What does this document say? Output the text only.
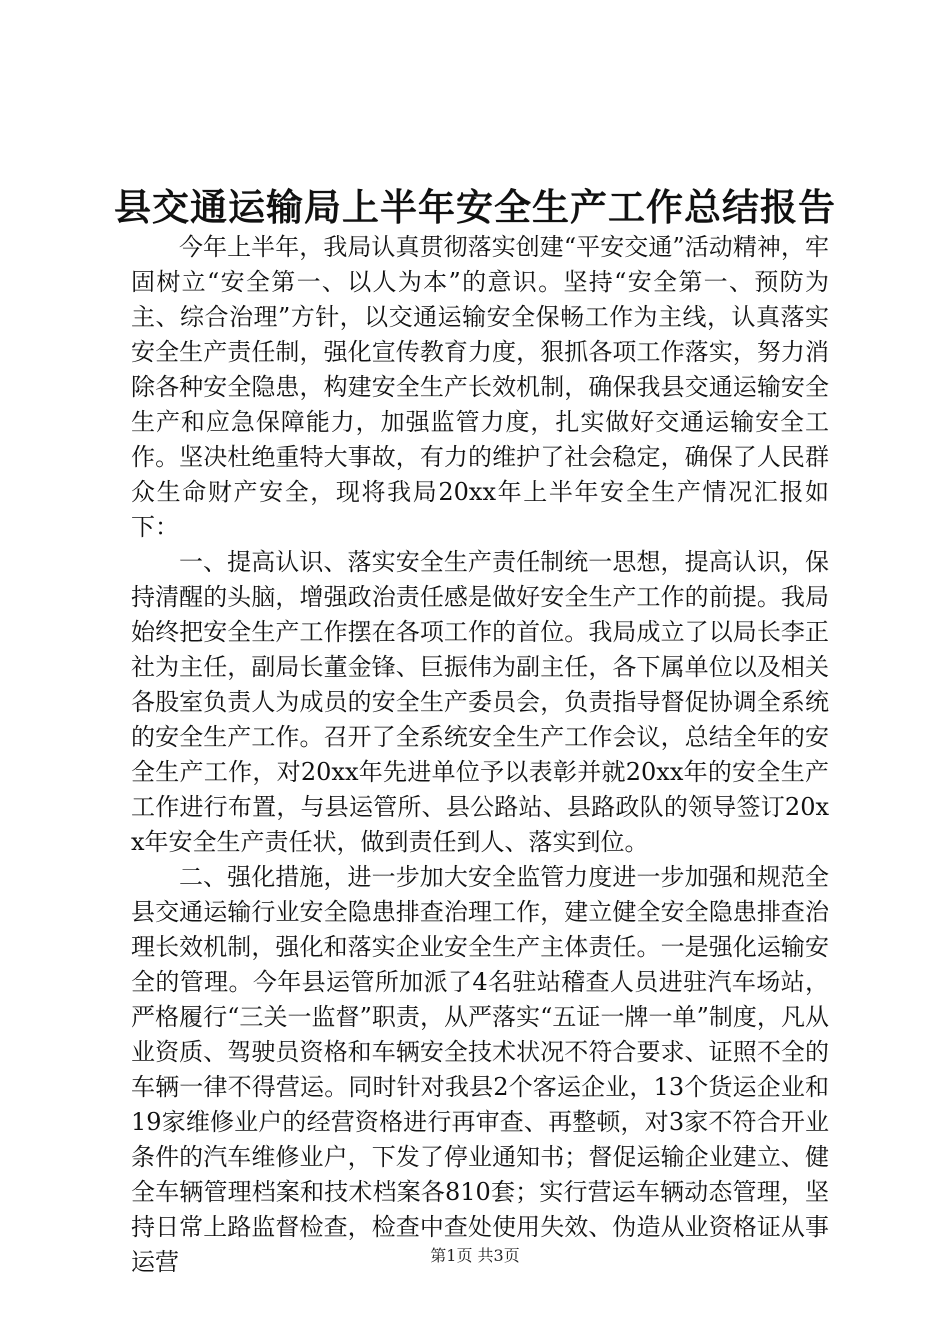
县交通运输局上半年安全生产工作总结报告

今年上半年，我局认真贯彻落实创建“平安交通”活动精神，牢固树立“安全第一、以人为本”的意识。坚持“安全第一、预防为主、综合治理”方针，以交通运输安全保畅工作为主线，认真落实安全生产责任制，强化宣传教育力度，狠抓各项工作落实，努力消除各种安全隐患，构建安全生产长效机制，确保我县交通运输安全生产和应急保障能力，加强监管力度，扎实做好交通运输安全工作。坚决杜绝重特大事故，有力的维护了社会稳定，确保了人民群众生命财产安全，现将我局20xx年上半年安全生产情况汇报如下：

一、提高认识、落实安全生产责任制统一思想，提高认识，保持清醒的头脑，增强政治责任感是做好安全生产工作的前提。我局始终把安全生产工作摆在各项工作的首位。我局成立了以局长李正社为主任，副局长董金锋、巨振伟为副主任，各下属单位以及相关各股室负责人为成员的安全生产委员会，负责指导督促协调全系统的安全生产工作。召开了全系统安全生产工作会议，总结全年的安全生产工作，对20xx年先进单位予以表彰并就20xx年的安全生产工作进行布置，与县运管所、县公路站、县路政队的领导签订20xx年安全生产责任状，做到责任到人、落实到位。

二、强化措施，进一步加大安全监管力度进一步加强和规范全县交通运输行业安全隐患排查治理工作，建立健全安全隐患排查治理长效机制，强化和落实企业安全生产主体责任。一是强化运输安全的管理。今年县运管所加派了4名驻站稽查人员进驻汽车场站，严格履行“三关一监督”职责，从严落实“五证一牌一单”制度，凡从业资质、驾驶员资格和车辆安全技术状况不符合要求、证照不全的车辆一律不得营运。同时针对我县2个客运企业，13个货运企业和19家维修业户的经营资格进行再审查、再整顿，对3家不符合开业条件的汽车维修业户，下发了停业通知书；督促运输企业建立、健全车辆管理档案和技术档案各810套；实行营运车辆动态管理，坚持日常上路监督检查，检查中查处使用失效、伪造从业资格证从事运营	第1页 共3页
